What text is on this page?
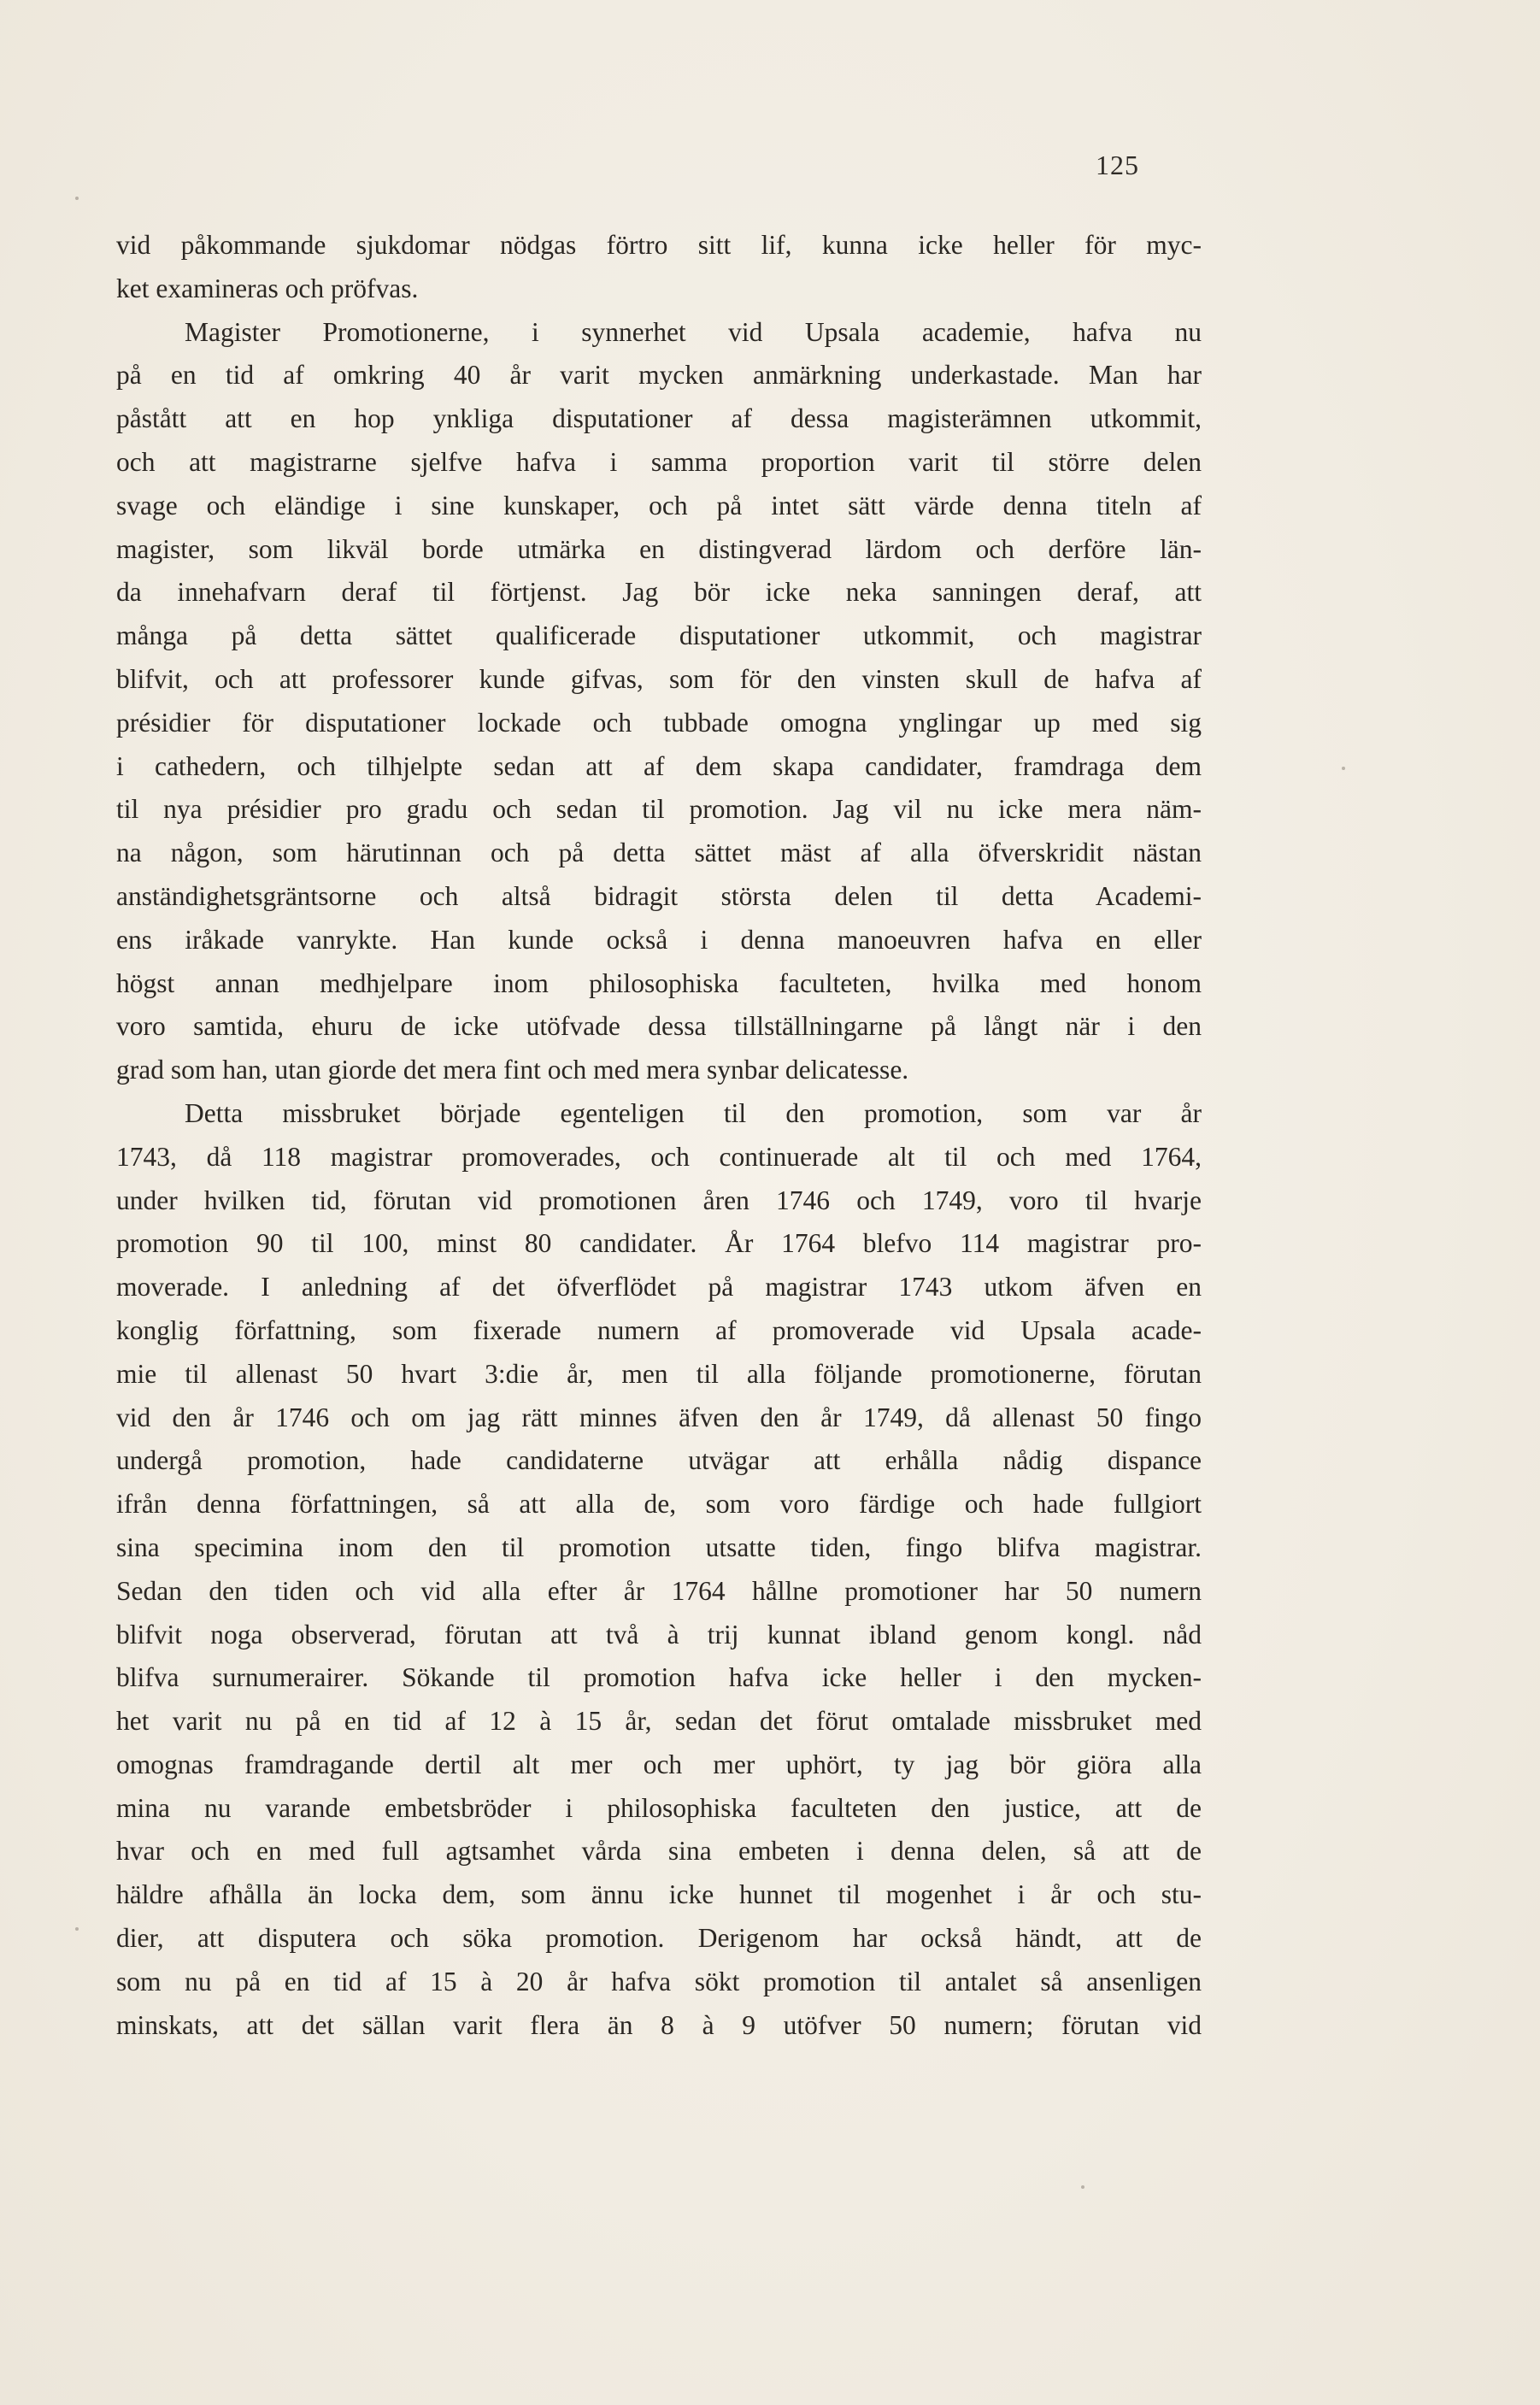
125
vid påkommande sjukdomar nödgas förtro sitt lif, kunna icke heller för myc-
ket examineras och pröfvas.
Magister Promotionerne, i synnerhet vid Upsala academie, hafva nu
på en tid af omkring 40 år varit mycken anmärkning underkastade. Man har
påstått att en hop ynkliga disputationer af dessa magisterämnen utkommit,
och att magistrarne sjelfve hafva i samma proportion varit til större delen
svage och eländige i sine kunskaper, och på intet sätt värde denna titeln af
magister, som likväl borde utmärka en distingverad lärdom och derföre län-
da innehafvarn deraf til förtjenst. Jag bör icke neka sanningen deraf, att
många på detta sättet qualificerade disputationer utkommit, och magistrar
blifvit, och att professorer kunde gifvas, som för den vinsten skull de hafva af
présidier för disputationer lockade och tubbade omogna ynglingar up med sig
i cathedern, och tilhjelpte sedan att af dem skapa candidater, framdraga dem
til nya présidier pro gradu och sedan til promotion. Jag vil nu icke mera näm-
na någon, som härutinnan och på detta sättet mäst af alla öfverskridit nästan
anständighetsgräntsorne och altså bidragit största delen til detta Academi-
ens iråkade vanrykte. Han kunde också i denna manoeuvren hafva en eller
högst annan medhjelpare inom philosophiska faculteten, hvilka med honom
voro samtida, ehuru de icke utöfvade dessa tillställningarne på långt när i den
grad som han, utan giorde det mera fint och med mera synbar delicatesse.
Detta missbruket började egenteligen til den promotion, som var år
1743, då 118 magistrar promoverades, och continuerade alt til och med 1764,
under hvilken tid, förutan vid promotionen åren 1746 och 1749, voro til hvarje
promotion 90 til 100, minst 80 candidater. År 1764 blefvo 114 magistrar pro-
moverade. I anledning af det öfverflödet på magistrar 1743 utkom äfven en
konglig författning, som fixerade numern af promoverade vid Upsala acade-
mie til allenast 50 hvart 3:die år, men til alla följande promotionerne, förutan
vid den år 1746 och om jag rätt minnes äfven den år 1749, då allenast 50 fingo
undergå promotion, hade candidaterne utvägar att erhålla nådig dispance
ifrån denna författningen, så att alla de, som voro färdige och hade fullgiort
sina specimina inom den til promotion utsatte tiden, fingo blifva magistrar.
Sedan den tiden och vid alla efter år 1764 hållne promotioner har 50 numern
blifvit noga observerad, förutan att två à trij kunnat ibland genom kongl. nåd
blifva surnumerairer. Sökande til promotion hafva icke heller i den mycken-
het varit nu på en tid af 12 à 15 år, sedan det förut omtalade missbruket med
omognas framdragande dertil alt mer och mer uphört, ty jag bör giöra alla
mina nu varande embetsbröder i philosophiska faculteten den justice, att de
hvar och en med full agtsamhet vårda sina embeten i denna delen, så att de
häldre afhålla än locka dem, som ännu icke hunnet til mogenhet i år och stu-
dier, att disputera och söka promotion. Derigenom har också händt, att de
som nu på en tid af 15 à 20 år hafva sökt promotion til antalet så ansenligen
minskats, att det sällan varit flera än 8 à 9 utöfver 50 numern; förutan vid
